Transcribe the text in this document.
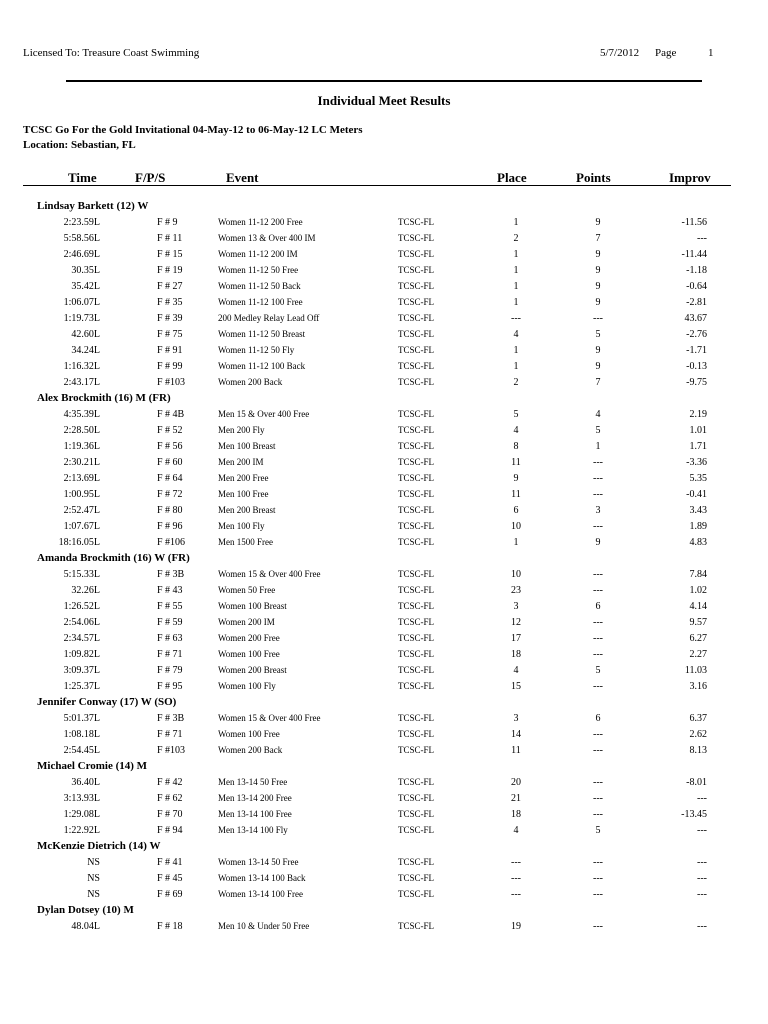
Licensed To: Treasure Coast Swimming	5/7/2012 Page	1
Individual Meet Results
TCSC Go For the Gold Invitational 04-May-12 to 06-May-12 LC Meters
Location: Sebastian, FL
Time	F/P/S	Event	Place	Points	Improv
Lindsay Barkett (12) W
2:23.59L	F # 9	Women 11-12 200 Free	TCSC-FL	1	9	-11.56
5:58.56L	F # 11	Women 13 & Over 400 IM	TCSC-FL	2	7	---
2:46.69L	F # 15	Women 11-12 200 IM	TCSC-FL	1	9	-11.44
30.35L	F # 19	Women 11-12 50 Free	TCSC-FL	1	9	-1.18
35.42L	F # 27	Women 11-12 50 Back	TCSC-FL	1	9	-0.64
1:06.07L	F # 35	Women 11-12 100 Free	TCSC-FL	1	9	-2.81
1:19.73L	F # 39	200 Medley Relay Lead Off	TCSC-FL	---	---	43.67
42.60L	F # 75	Women 11-12 50 Breast	TCSC-FL	4	5	-2.76
34.24L	F # 91	Women 11-12 50 Fly	TCSC-FL	1	9	-1.71
1:16.32L	F # 99	Women 11-12 100 Back	TCSC-FL	1	9	-0.13
2:43.17L	F #103	Women 200 Back	TCSC-FL	2	7	-9.75
Alex Brockmith (16) M (FR)
4:35.39L	F # 4B	Men 15 & Over 400 Free	TCSC-FL	5	4	2.19
2:28.50L	F # 52	Men 200 Fly	TCSC-FL	4	5	1.01
1:19.36L	F # 56	Men 100 Breast	TCSC-FL	8	1	1.71
2:30.21L	F # 60	Men 200 IM	TCSC-FL	11	---	-3.36
2:13.69L	F # 64	Men 200 Free	TCSC-FL	9	---	5.35
1:00.95L	F # 72	Men 100 Free	TCSC-FL	11	---	-0.41
2:52.47L	F # 80	Men 200 Breast	TCSC-FL	6	3	3.43
1:07.67L	F # 96	Men 100 Fly	TCSC-FL	10	---	1.89
18:16.05L	F #106	Men 1500 Free	TCSC-FL	1	9	4.83
Amanda Brockmith (16) W (FR)
5:15.33L	F # 3B	Women 15 & Over 400 Free	TCSC-FL	10	---	7.84
32.26L	F # 43	Women 50 Free	TCSC-FL	23	---	1.02
1:26.52L	F # 55	Women 100 Breast	TCSC-FL	3	6	4.14
2:54.06L	F # 59	Women 200 IM	TCSC-FL	12	---	9.57
2:34.57L	F # 63	Women 200 Free	TCSC-FL	17	---	6.27
1:09.82L	F # 71	Women 100 Free	TCSC-FL	18	---	2.27
3:09.37L	F # 79	Women 200 Breast	TCSC-FL	4	5	11.03
1:25.37L	F # 95	Women 100 Fly	TCSC-FL	15	---	3.16
Jennifer Conway (17) W (SO)
5:01.37L	F # 3B	Women 15 & Over 400 Free	TCSC-FL	3	6	6.37
1:08.18L	F # 71	Women 100 Free	TCSC-FL	14	---	2.62
2:54.45L	F #103	Women 200 Back	TCSC-FL	11	---	8.13
Michael Cromie (14) M
36.40L	F # 42	Men 13-14 50 Free	TCSC-FL	20	---	-8.01
3:13.93L	F # 62	Men 13-14 200 Free	TCSC-FL	21	---	---
1:29.08L	F # 70	Men 13-14 100 Free	TCSC-FL	18	---	-13.45
1:22.92L	F # 94	Men 13-14 100 Fly	TCSC-FL	4	5	---
McKenzie Dietrich (14) W
NS	F # 41	Women 13-14 50 Free	TCSC-FL	---	---	---
NS	F # 45	Women 13-14 100 Back	TCSC-FL	---	---	---
NS	F # 69	Women 13-14 100 Free	TCSC-FL	---	---	---
Dylan Dotsey (10) M
48.04L	F # 18	Men 10 & Under 50 Free	TCSC-FL	19	---	---
